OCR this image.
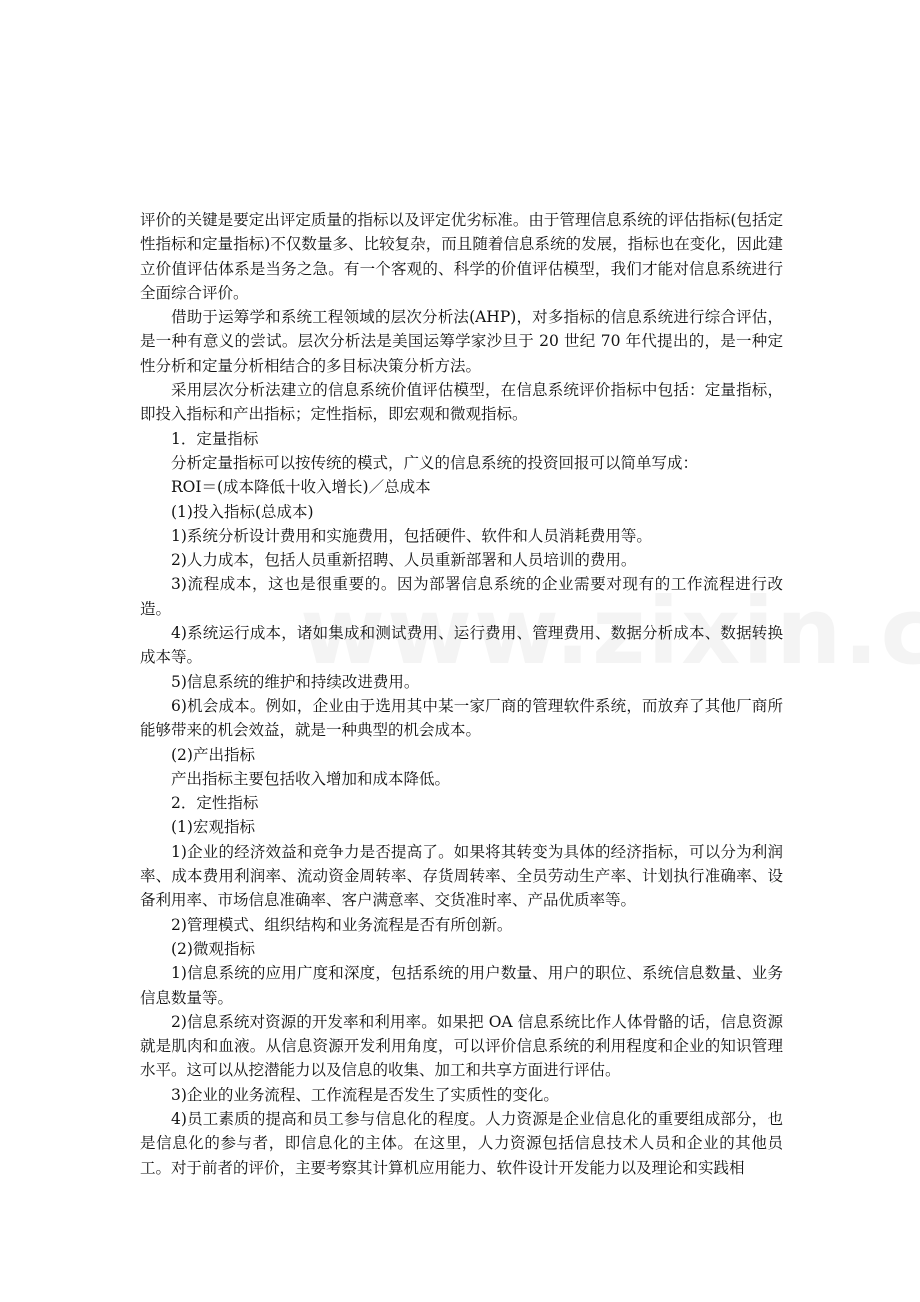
评价的关键是要定出评定质量的指标以及评定优劣标准。由于管理信息系统的评估指标(包括定性指标和定量指标)不仅数量多、比较复杂，而且随着信息系统的发展，指标也在变化，因此建立价值评估体系是当务之急。有一个客观的、科学的价值评估模型，我们才能对信息系统进行全面综合评价。

借助于运筹学和系统工程领域的层次分析法(AHP)，对多指标的信息系统进行综合评估，是一种有意义的尝试。层次分析法是美国运筹学家沙旦于 20 世纪 70 年代提出的，是一种定性分析和定量分析相结合的多目标决策分析方法。

采用层次分析法建立的信息系统价值评估模型，在信息系统评价指标中包括：定量指标，即投入指标和产出指标；定性指标，即宏观和微观指标。

1．定量指标

分析定量指标可以按传统的模式，广义的信息系统的投资回报可以简单写成：

ROI＝(成本降低十收入增长)／总成本

(1)投入指标(总成本)

1)系统分析设计费用和实施费用，包括硬件、软件和人员消耗费用等。

2)人力成本，包括人员重新招聘、人员重新部署和人员培训的费用。

3)流程成本，这也是很重要的。因为部署信息系统的企业需要对现有的工作流程进行改造。

4)系统运行成本，诸如集成和测试费用、运行费用、管理费用、数据分析成本、数据转换成本等。

5)信息系统的维护和持续改进费用。

6)机会成本。例如，企业由于选用其中某一家厂商的管理软件系统，而放弃了其他厂商所能够带来的机会效益，就是一种典型的机会成本。

(2)产出指标

产出指标主要包括收入增加和成本降低。

2．定性指标

(1)宏观指标

1)企业的经济效益和竞争力是否提高了。如果将其转变为具体的经济指标，可以分为利润率、成本费用利润率、流动资金周转率、存货周转率、全员劳动生产率、计划执行准确率、设备利用率、市场信息准确率、客户满意率、交货准时率、产品优质率等。

2)管理模式、组织结构和业务流程是否有所创新。

(2)微观指标

1)信息系统的应用广度和深度，包括系统的用户数量、用户的职位、系统信息数量、业务信息数量等。

2)信息系统对资源的开发率和利用率。如果把 OA 信息系统比作人体骨骼的话，信息资源就是肌肉和血液。从信息资源开发利用角度，可以评价信息系统的利用程度和企业的知识管理水平。这可以从挖潜能力以及信息的收集、加工和共享方面进行评估。

3)企业的业务流程、工作流程是否发生了实质性的变化。

4)员工素质的提高和员工参与信息化的程度。人力资源是企业信息化的重要组成部分，也是信息化的参与者，即信息化的主体。在这里，人力资源包括信息技术人员和企业的其他员工。对于前者的评价，主要考察其计算机应用能力、软件设计开发能力以及理论和实践相
